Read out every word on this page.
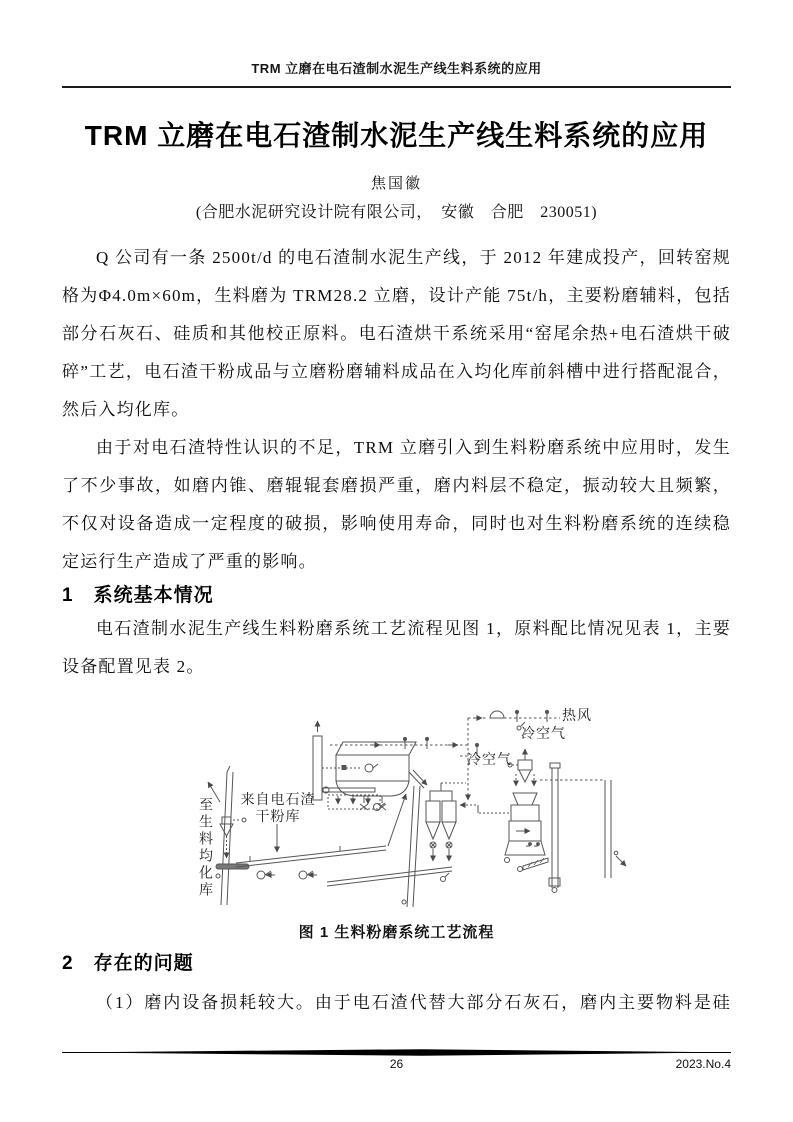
TRM 立磨在电石渣制水泥生产线生料系统的应用
TRM 立磨在电石渣制水泥生产线生料系统的应用
焦国徽
(合肥水泥研究设计院有限公司，　安徽　合肥　230051)

Q 公司有一条 2500t/d 的电石渣制水泥生产线，于 2012 年建成投产，回转窑规格为Φ4.0m×60m，生料磨为 TRM28.2 立磨，设计产能 75t/h，主要粉磨辅料，包括部分石灰石、硅质和其他校正原料。电石渣烘干系统采用“窑尾余热+电石渣烘干破碎”工艺，电石渣干粉成品与立磨粉磨辅料成品在入均化库前斜槽中进行搭配混合，然后入均化库。

由于对电石渣特性认识的不足，TRM 立磨引入到生料粉磨系统中应用时，发生了不少事故，如磨内锥、磨辊辊套磨损严重，磨内料层不稳定，振动较大且频繁，不仅对设备造成一定程度的破损，影响使用寿命，同时也对生料粉磨系统的连续稳定运行生产造成了严重的影响。

1　系统基本情况

电石渣制水泥生产线生料粉磨系统工艺流程见图 1，原料配比情况见表 1，主要设备配置见表 2。

热风
冷空气
冷空气
来自电石渣
干粉库
至生料均化库
图 1 生料粉磨系统工艺流程
2　存在的问题

（1）磨内设备损耗较大。由于电石渣代替大部分石灰石，磨内主要物料是硅

26	2023.No.4
